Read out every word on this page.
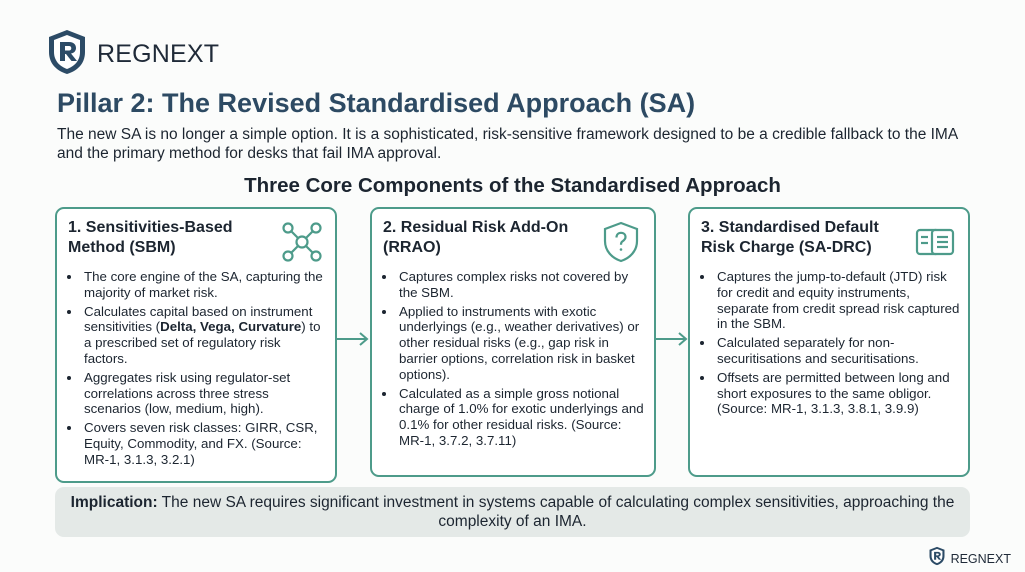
REGNEXT
Pillar 2: The Revised Standardised Approach (SA)

The new SA is no longer a simple option. It is a sophisticated, risk-sensitive framework designed to be a credible fallback to the IMA and the primary method for desks that fail IMA approval.

Three Core Components of the Standardised Approach
1. Sensitivities-Based Method (SBM)
• The core engine of the SA, capturing the majority of market risk.
• Calculates capital based on instrument sensitivities (Delta, Vega, Curvature) to a prescribed set of regulatory risk factors.
• Aggregates risk using regulator-set correlations across three stress scenarios (low, medium, high).
• Covers seven risk classes: GIRR, CSR, Equity, Commodity, and FX. (Source: MR-1, 3.1.3, 3.2.1)
2. Residual Risk Add-On (RRAO)
• Captures complex risks not covered by the SBM.
• Applied to instruments with exotic underlyings (e.g., weather derivatives) or other residual risks (e.g., gap risk in barrier options, correlation risk in basket options).
• Calculated as a simple gross notional charge of 1.0% for exotic underlyings and 0.1% for other residual risks. (Source: MR-1, 3.7.2, 3.7.11)
3. Standardised Default Risk Charge (SA-DRC)
• Captures the jump-to-default (JTD) risk for credit and equity instruments, separate from credit spread risk captured in the SBM.
• Calculated separately for non-securitisations and securitisations.
• Offsets are permitted between long and short exposures to the same obligor. (Source: MR-1, 3.1.3, 3.8.1, 3.9.9)
Implication: The new SA requires significant investment in systems capable of calculating complex sensitivities, approaching the complexity of an IMA.
REGNEXT
